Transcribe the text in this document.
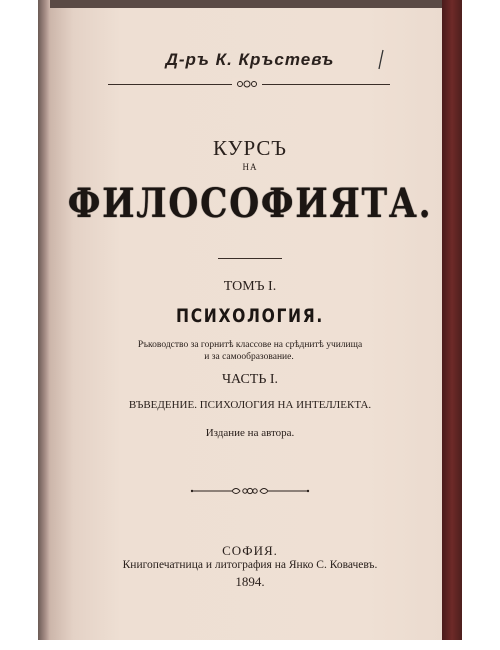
Д-ръ К. Кръстевъ
КУРСЪ
НА
ФИЛОСОФИЯТА.
ТОМЪ I.
ПСИХОЛОГИЯ.
Ръководство за горнитѣ классове на срѣднитѣ училища
и за самообразование.
ЧАСТЬ I.
ВЪВЕДЕНИЕ. ПСИХОЛОГИЯ НА ИНТЕЛЛЕКТА.
Издание на автора.
СОФИЯ.
Книгопечатница и литография на Янко С. Ковачевъ.
1894.
